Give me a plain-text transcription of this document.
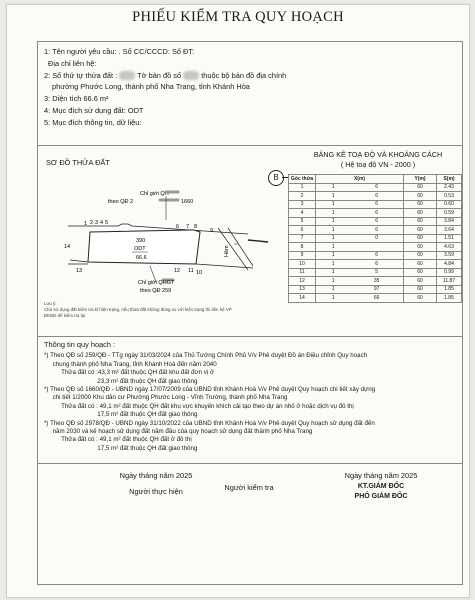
PHIẾU KIỂM TRA QUY HOẠCH
1: Tên người yêu cầu: . Số CC/CCCD: Số ĐT:
Địa chỉ liên hệ:
2: Số thứ tự thửa đất :	Tờ bản đồ số	thuộc bộ bản đồ địa chính
phường Phước Long, thành phố Nha Trang, tỉnh Khánh Hòa
3: Diện tích 66.6 m²
4: Mục đích sử dụng đất: ODT
5: Mục đích thông tin, dữ liệu:
SƠ ĐỒ THỬA ĐẤT
Chỉ giới QH
theo QĐ 2	1660
Hẻm
390
ODT
66.6
1 2 3 4 5
6 7 8
9
10
11
12
13
14
Chỉ giới QHGT
theo QĐ 259
B
BẢNG KÊ TOẠ ĐỘ VÀ KHOẢNG CÁCH
( Hệ toạ độ VN - 2000 )
Góc thửa	X(m)		Y(m)	S(m)
1	1	6	60	2.43
2	1	6	60	0.53
3	1	6	60	0.60
4	1	6	60	0.59
5	1	6	60	3.84
6	1	6	60	3.64
7	1	0	60	1.51
8	1		60	4.63
9	1	6	60	3.59
10	1	6	60	4.84
11	1	5	60	0.99
12	1	35	60	11.87
13	1	97	60	1.85
14	1	66	60	1.85
Lưu ý:
Chủ sử dụng đất kiểm tra kĩ hiện trạng, nếu thửa đất không đúng so với hiện trạng thì liên hệ VP ĐKĐĐ để kiểm tra lại
Thông tin quy hoạch :
*) Theo QĐ số 259/QĐ - TTg ngày 31/03/2024 của Thủ Tướng Chính Phủ V/v Phê duyệt Đồ án Điều chỉnh Quy hoạch
chung thành phố Nha Trang, tỉnh Khánh Hoà đến năm 2040
Thửa đất có :43,3 m² đất thuộc QH đất khu đất đơn vị ở
23,3 m² đất thuộc QH đất giao thông
*) Theo QĐ số 1660/QĐ - UBND ngày 17/07/2009 của UBND tỉnh Khánh Hoà V/v Phê duyệt Quy hoạch chi tiết xây dựng
chi tiết 1/2000 Khu dân cư Phường Phước Long - Vĩnh Trường, thành phố Nha Trang
Thửa đất có : 49,1 m² đất thuộc QH đất khu vực khuyến khích cải tạo theo dự án nhỏ ở hoặc dịch vụ đô thị
17,5 m² đất thuộc QH đất giao thông
*) Theo QĐ số 2978/QĐ - UBND ngày 31/10/2022 của UBND tỉnh Khánh Hoà V/v Phê duyệt Quy hoạch sử dụng đất đến
năm 2030 và kế hoạch sử dụng đất năm đầu của quy hoạch sử dụng đất thành phố Nha Trang
Thửa đất có : 49,1 m² đất thuộc QH đất ở đô thị
17,5 m² đất thuộc QH đất giao thông
Ngày tháng năm 2025
Người thực hiện	Người kiểm tra
Ngày tháng năm 2025
KT.GIÁM ĐỐC
PHÓ GIÁM ĐỐC
